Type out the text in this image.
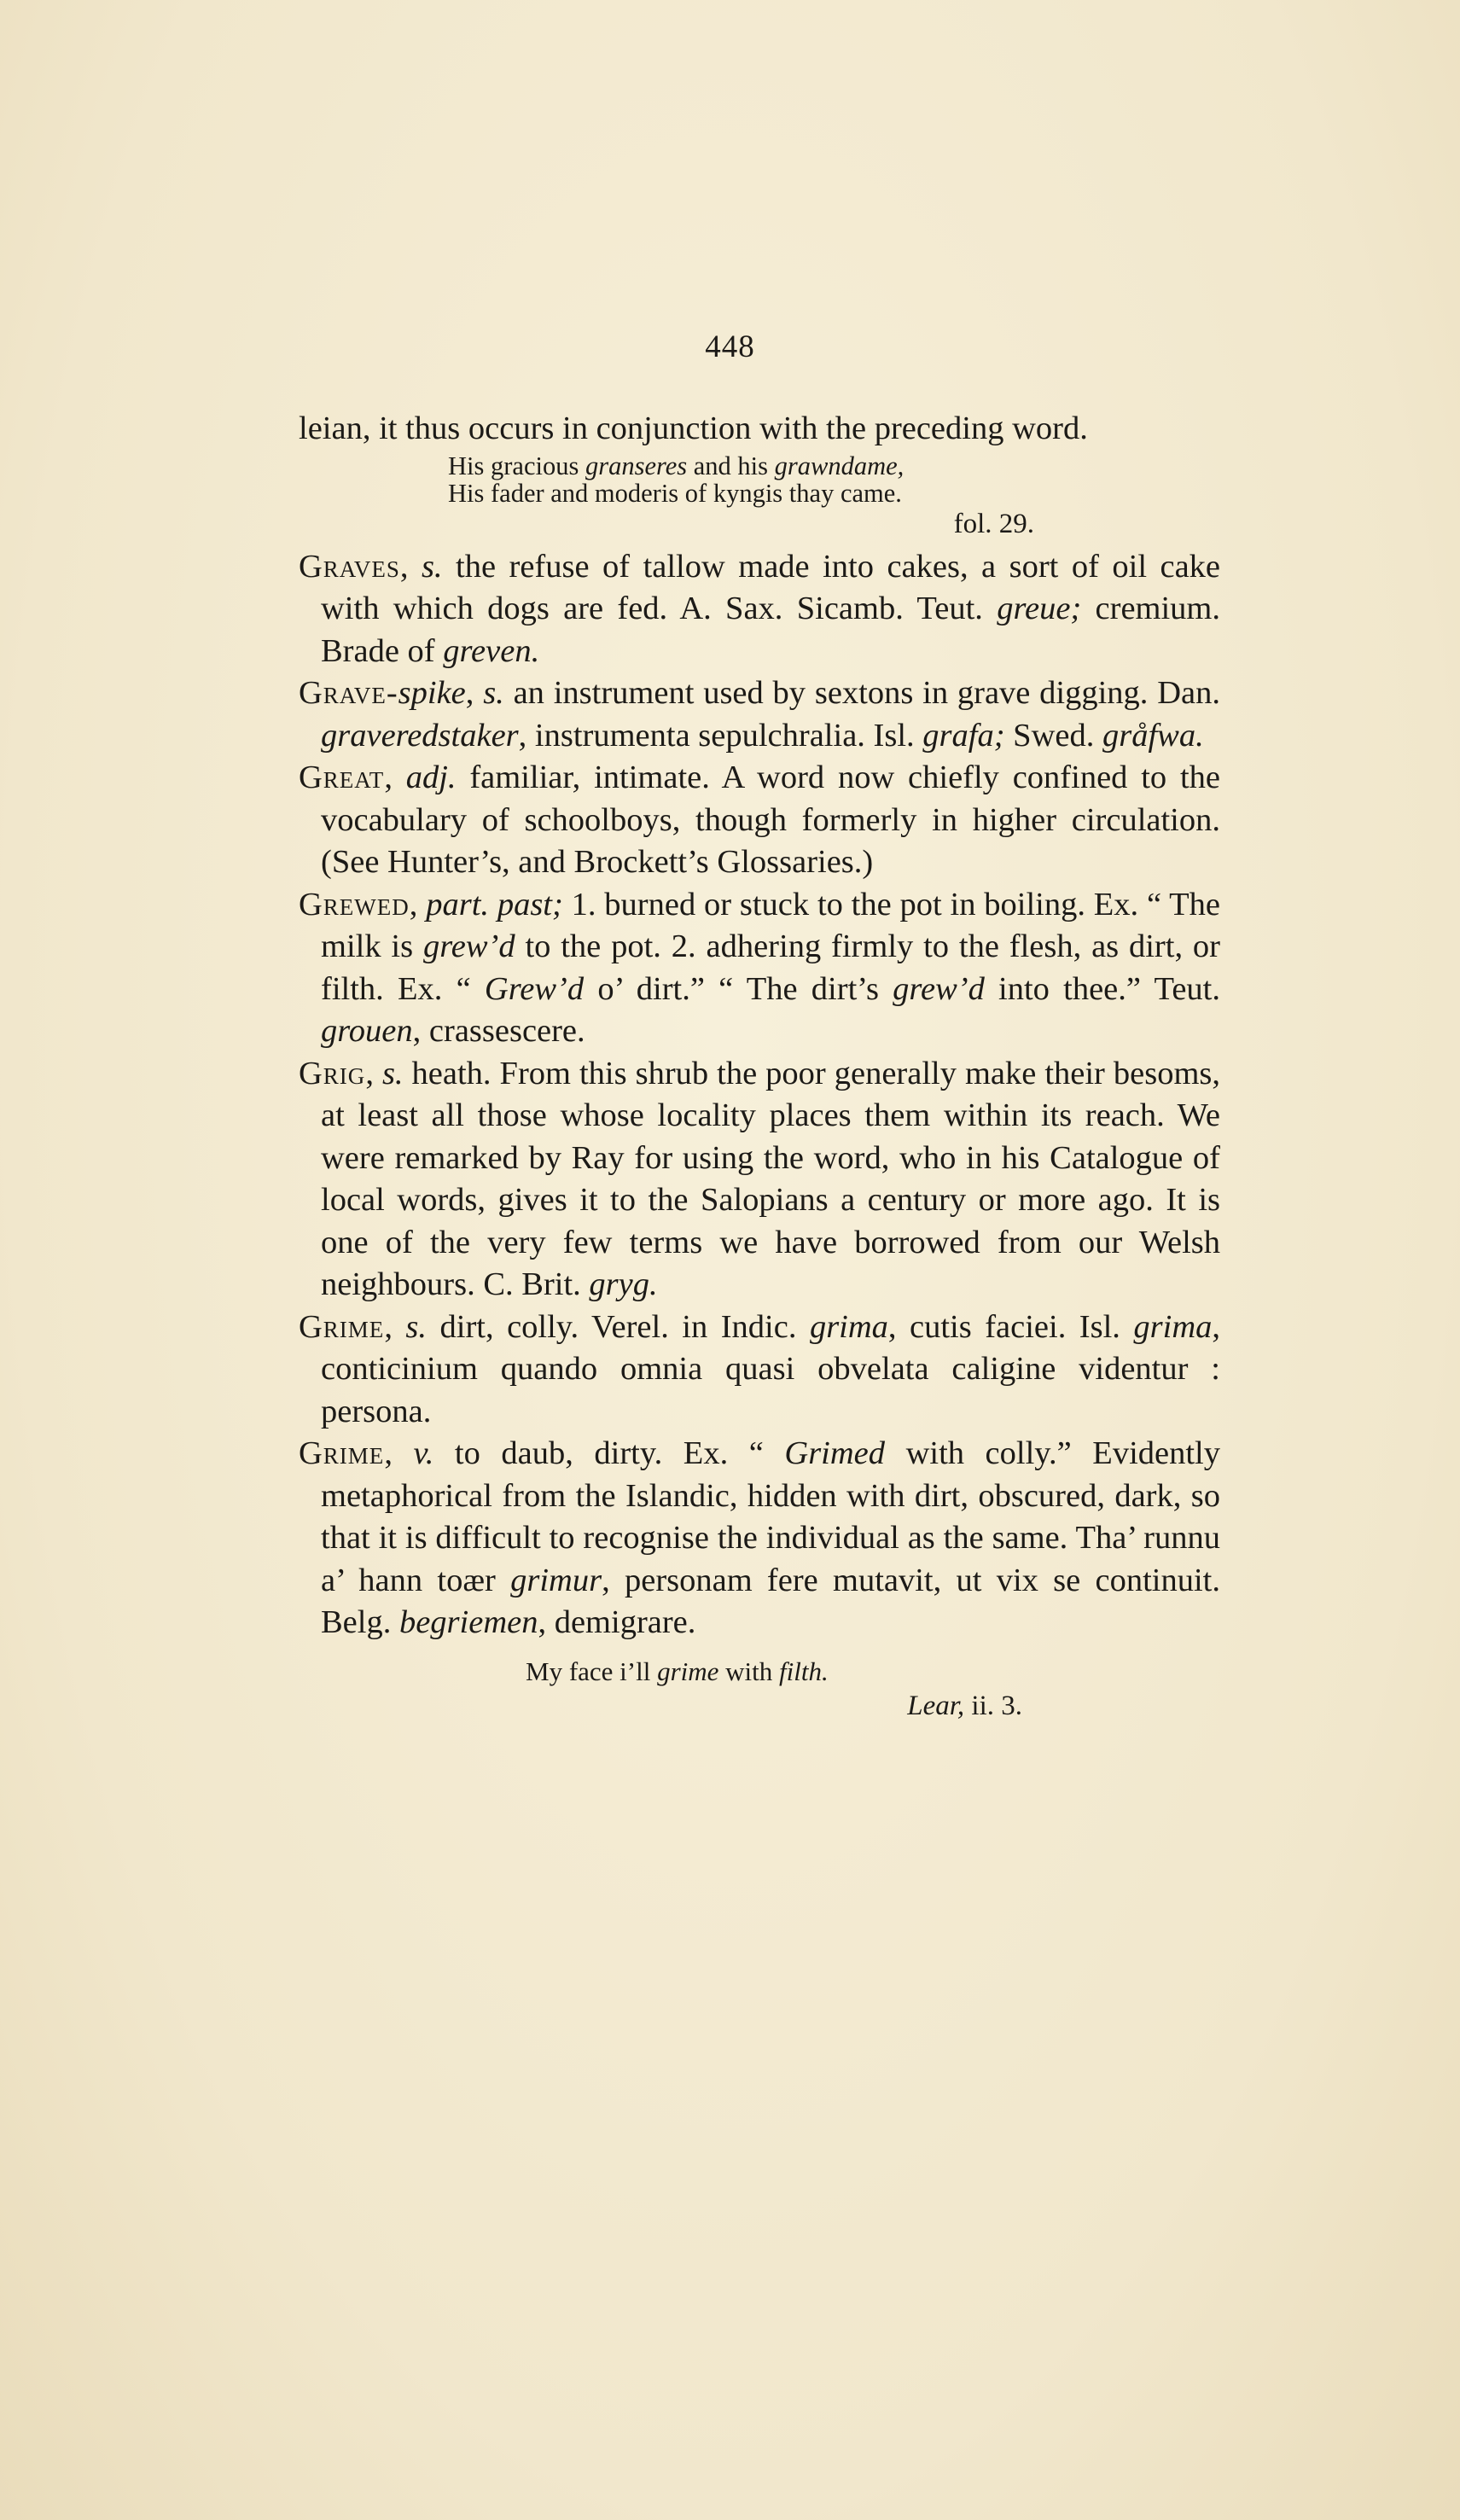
448

leian, it thus occurs in conjunction with the preceding word.

His gracious granseres and his grawndame,
His fader and moderis of kyngis thay came.
fol. 29.

Graves, s. the refuse of tallow made into cakes, a sort of oil cake with which dogs are fed. A. Sax. Sicamb. Teut. greue; cremium. Brade of greven.

Grave-spike, s. an instrument used by sextons in grave digging. Dan. graveredstaker, instrumenta sepulchralia. Isl. grafa; Swed. gråfwa.

Great, adj. familiar, intimate. A word now chiefly confined to the vocabulary of schoolboys, though formerly in higher circulation. (See Hunter’s, and Brockett’s Glossaries.)

Grewed, part. past; 1. burned or stuck to the pot in boiling. Ex. “ The milk is grew’d to the pot. 2. adhering firmly to the flesh, as dirt, or filth. Ex. “ Grew’d o’ dirt.” “ The dirt’s grew’d into thee.” Teut. grouen, crassescere.

Grig, s. heath. From this shrub the poor generally make their besoms, at least all those whose locality places them within its reach. We were remarked by Ray for using the word, who in his Catalogue of local words, gives it to the Salopians a century or more ago. It is one of the very few terms we have borrowed from our Welsh neighbours. C. Brit. gryg.

Grime, s. dirt, colly. Verel. in Indic. grima, cutis faciei. Isl. grima, conticinium quando omnia quasi obvelata caligine videntur : persona.

Grime, v. to daub, dirty. Ex. “ Grimed with colly.” Evidently metaphorical from the Islandic, hidden with dirt, obscured, dark, so that it is difficult to recognise the individual as the same. Tha’ runnu a’ hann toær grimur, personam fere mutavit, ut vix se continuit. Belg. begriemen, demigrare.

My face i’ll grime with filth.
Lear, ii. 3.
